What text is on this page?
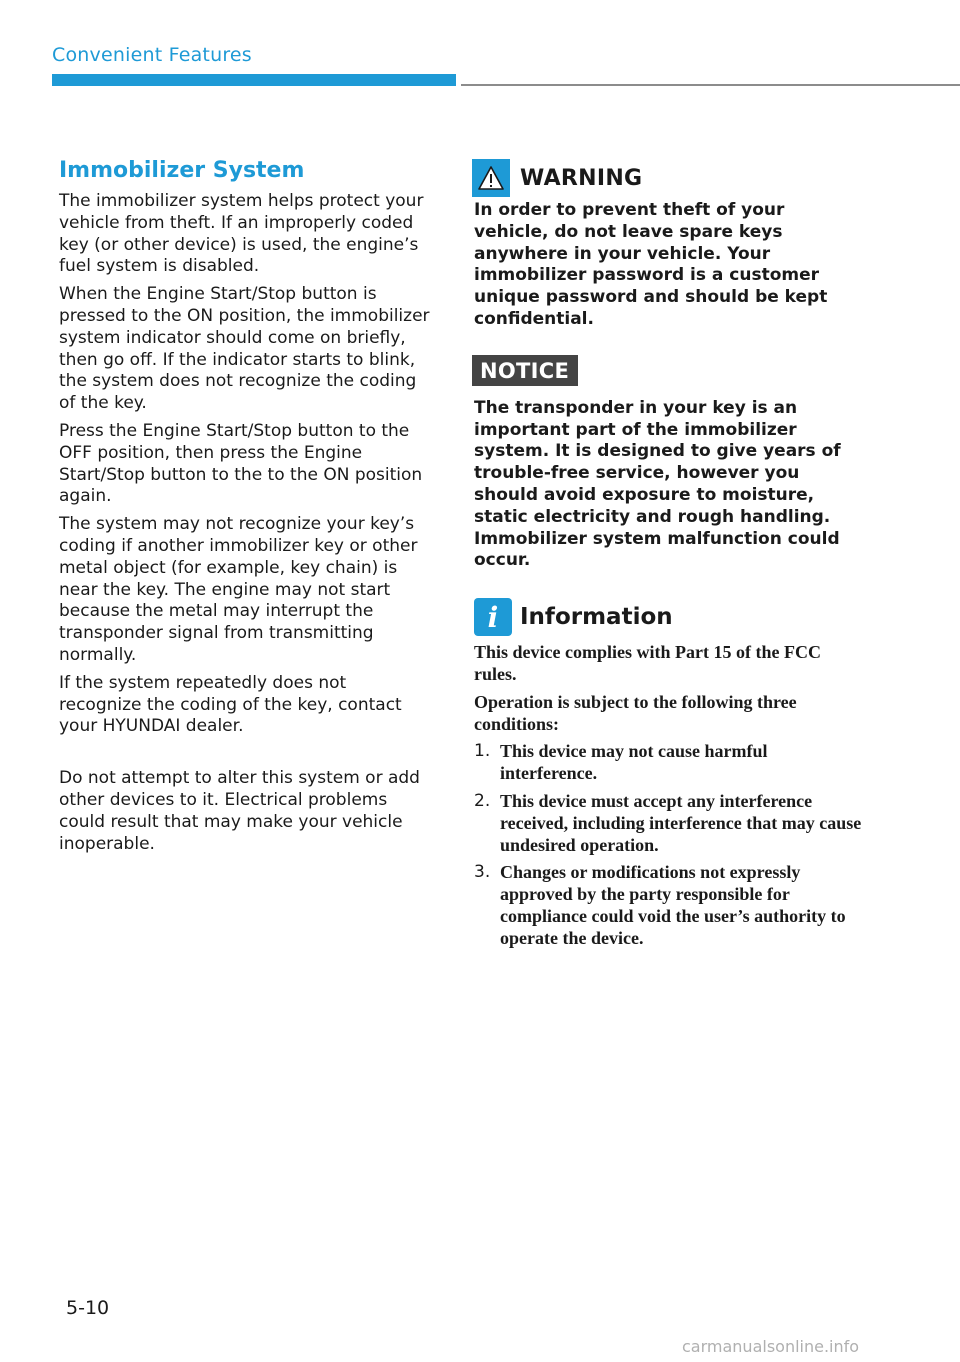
Convenient Features
Immobilizer System

The immobilizer system helps protect your vehicle from theft. If an improperly coded key (or other device) is used, the engine’s fuel system is disabled.

When the Engine Start/Stop button is pressed to the ON position, the immobilizer system indicator should come on briefly, then go off. If the indicator starts to blink, the system does not recognize the coding of the key.

Press the Engine Start/Stop button to the OFF position, then press the Engine Start/Stop button to the to the ON position again.

The system may not recognize your key’s coding if another immobilizer key or other metal object (for example, key chain) is near the key. The engine may not start because the metal may interrupt the transponder signal from transmitting normally.

If the system repeatedly does not recognize the coding of the key, contact your HYUNDAI dealer.

Do not attempt to alter this system or add other devices to it. Electrical problems could result that may make your vehicle inoperable.

WARNING

In order to prevent theft of your vehicle, do not leave spare keys anywhere in your vehicle. Your immobilizer password is a customer unique password and should be kept confidential.

NOTICE

The transponder in your key is an important part of the immobilizer system. It is designed to give years of trouble-free service, however you should avoid exposure to moisture, static electricity and rough handling. Immobilizer system malfunction could occur.

i Information

This device complies with Part 15 of the FCC rules.

Operation is subject to the following three conditions:

1. This device may not cause harmful interference.
2. This device must accept any interference received, including interference that may cause undesired operation.
3. Changes or modifications not expressly approved by the party responsible for compliance could void the user’s authority to operate the device.
5-10
carmanualsonline.info
